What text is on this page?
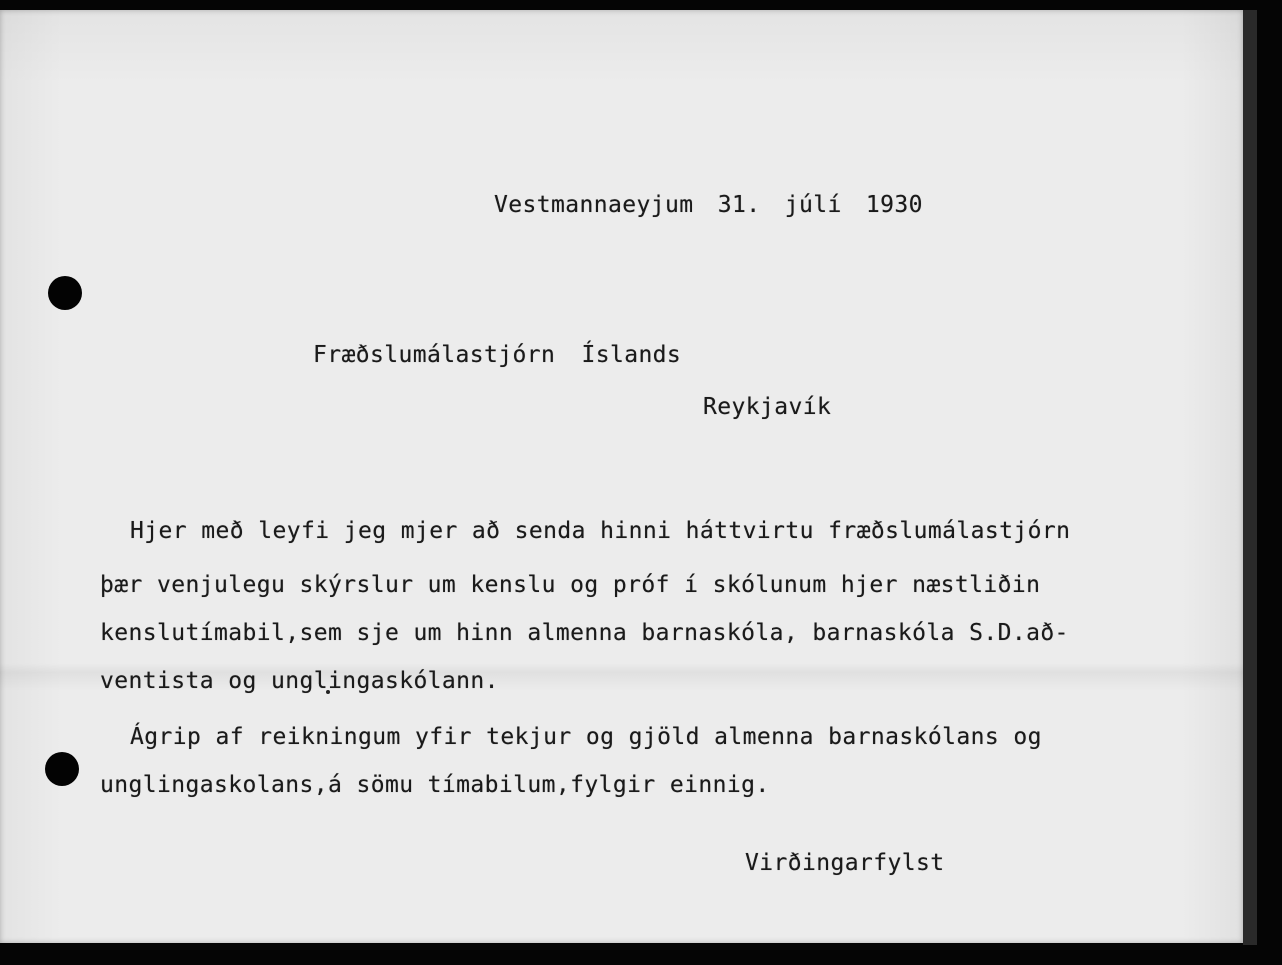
Vestmannaeyjum 31. júlí 1930
Fræðslumálastjórn Íslands
Reykjavík
Hjer með leyfi jeg mjer að senda hinni háttvirtu fræðslumálastjórn
þær venjulegu skýrslur um kenslu og próf í skólunum hjer næstliðin
kenslutímabil,sem sje um hinn almenna barnaskóla, barnaskóla S.D.að-
ventista og unglingaskólann.
Ágrip af reikningum yfir tekjur og gjöld almenna barnaskólans og
unglingaskolans,á sömu tímabilum,fylgir einnig.
Virðingarfylst
